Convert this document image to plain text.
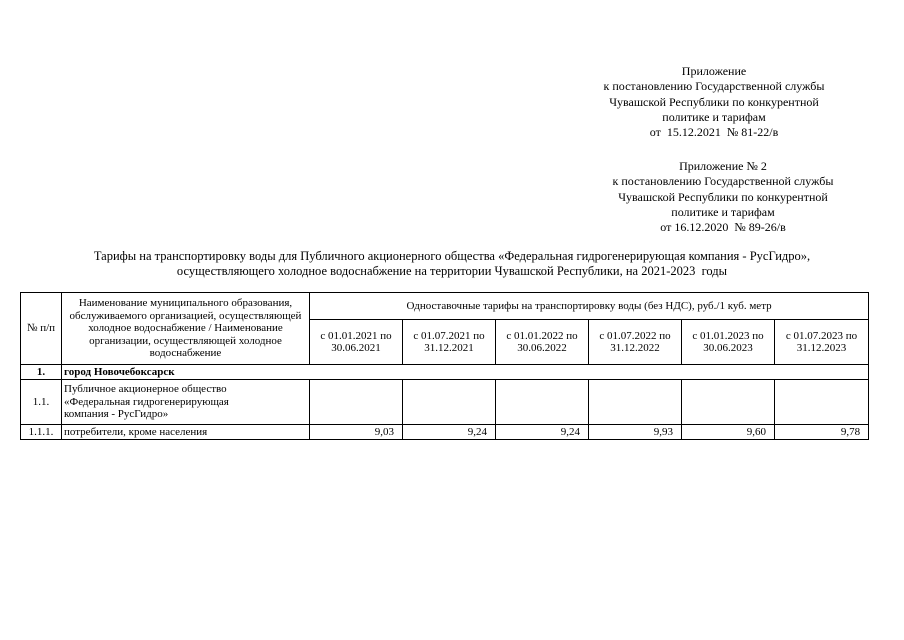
Приложение
к постановлению Государственной службы
Чувашской Республики по конкурентной
политике и тарифам
от  15.12.2021  № 81-22/в
Приложение № 2
к постановлению Государственной службы
Чувашской Республики по конкурентной
политике и тарифам
от 16.12.2020  № 89-26/в
Тарифы на транспортировку воды для Публичного акционерного общества «Федеральная гидрогенерирующая компания - РусГидро»,
осуществляющего холодное водоснабжение на территории Чувашской Республики, на 2021-2023  годы
№ п/п	Наименование муниципального образования, обслуживаемого организацией, осуществляющей холодное водоснабжение / Наименование организации, осуществляющей холодное водоснабжение	Одноставочные тарифы на транспортировку воды (без НДС), руб./1 куб. метр					
		с 01.01.2021 по 30.06.2021	с 01.07.2021 по 31.12.2021	с 01.01.2022 по 30.06.2022	с 01.07.2022 по 31.12.2022	с 01.01.2023 по 30.06.2023	с 01.07.2023 по 31.12.2023
1.	город Новочебоксарск						
1.1.	Публичное акционерное общество
«Федеральная гидрогенерирующая
компания - РусГидро»						

1.1.1.	потребители, кроме населения	9,03	9,24	9,24	9,93	9,60	9,78
